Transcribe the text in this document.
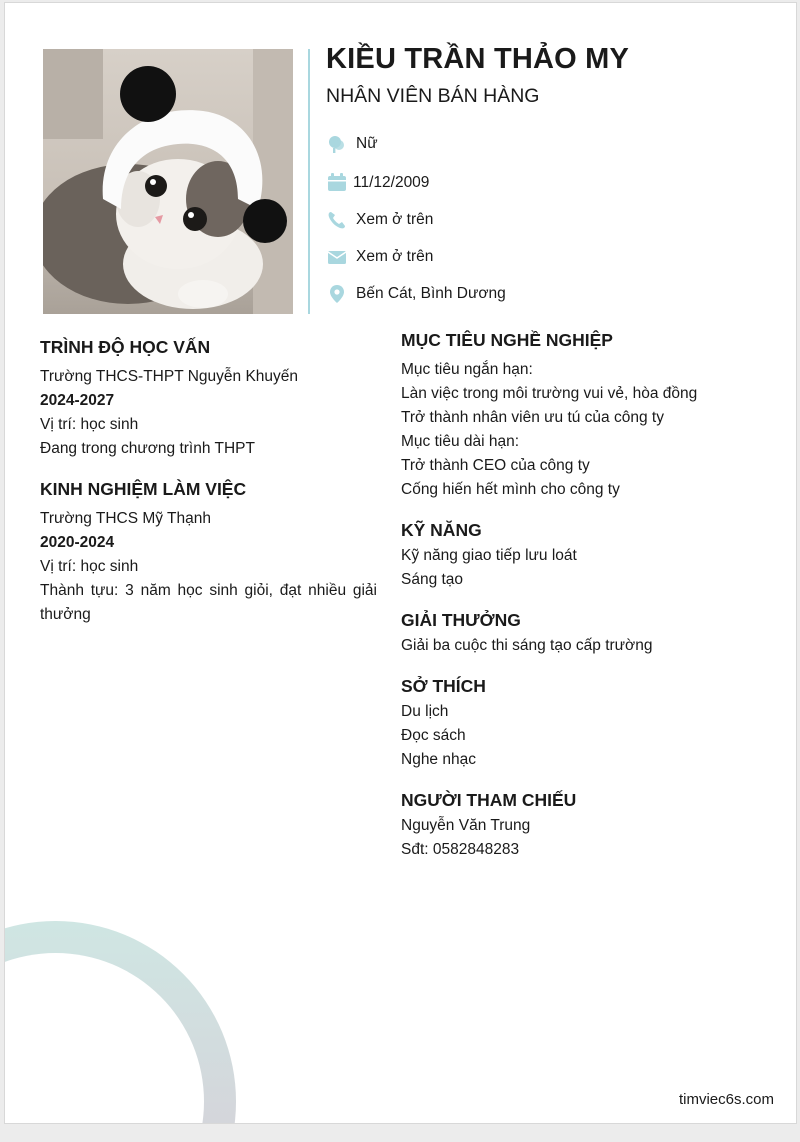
KIỀU TRẦN THẢO MY
NHÂN VIÊN BÁN HÀNG
Nữ
11/12/2009
Xem ở trên
Xem ở trên
Bến Cát, Bình Dương
TRÌNH ĐỘ HỌC VẤN
Trường THCS-THPT Nguyễn Khuyến
2024-2027
Vị trí: học sinh
Đang trong chương trình THPT
KINH NGHIỆM LÀM VIỆC
Trường THCS Mỹ Thạnh
2020-2024
Vị trí: học sinh
Thành tựu: 3 năm học sinh giỏi, đạt nhiều giải thưởng
MỤC TIÊU NGHỀ NGHIỆP
Mục tiêu ngắn hạn:
Làn việc trong môi trường vui vẻ, hòa đồng
Trở thành nhân viên ưu tú của công ty
Mục tiêu dài hạn:
Trở thành CEO của công ty
Cống hiến hết mình cho công ty
KỸ NĂNG
Kỹ năng giao tiếp lưu loát
Sáng tạo
GIẢI THƯỞNG
Giải ba cuộc thi sáng tạo cấp trường
SỞ THÍCH
Du lịch
Đọc sách
Nghe nhạc
NGƯỜI THAM CHIẾU
Nguyễn Văn Trung
Sđt: 0582848283
timviec6s.com
